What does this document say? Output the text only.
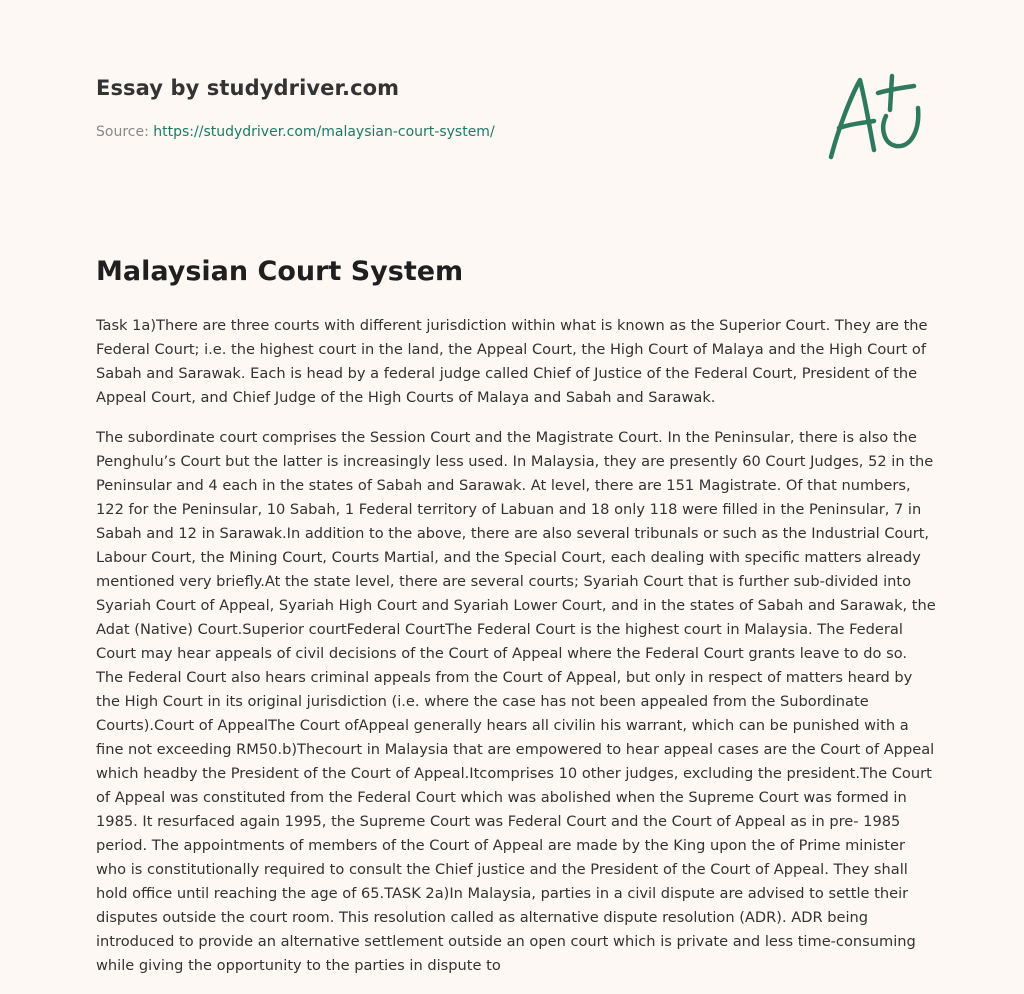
Essay by studydriver.com
Source: https://studydriver.com/malaysian-court-system/
Malaysian Court System

Task 1a)There are three courts with different jurisdiction within what is known as the Superior Court. They are the Federal Court; i.e. the highest court in the land, the Appeal Court, the High Court of Malaya and the High Court of Sabah and Sarawak. Each is head by a federal judge called Chief of Justice of the Federal Court, President of the Appeal Court, and Chief Judge of the High Courts of Malaya and Sabah and Sarawak.

The subordinate court comprises the Session Court and the Magistrate Court. In the Peninsular, there is also the Penghulu’s Court but the latter is increasingly less used. In Malaysia, they are presently 60 Court Judges, 52 in the Peninsular and 4 each in the states of Sabah and Sarawak. At level, there are 151 Magistrate. Of that numbers, 122 for the Peninsular, 10 Sabah, 1 Federal territory of Labuan and 18 only 118 were filled in the Peninsular, 7 in Sabah and 12 in Sarawak.In addition to the above, there are also several tribunals or such as the Industrial Court, Labour Court, the Mining Court, Courts Martial, and the Special Court, each dealing with specific matters already mentioned very briefly.At the state level, there are several courts; Syariah Court that is further sub-divided into Syariah Court of Appeal, Syariah High Court and Syariah Lower Court, and in the states of Sabah and Sarawak, the Adat (Native) Court.Superior courtFederal CourtThe Federal Court is the highest court in Malaysia. The Federal Court may hear appeals of civil decisions of the Court of Appeal where the Federal Court grants leave to do so. The Federal Court also hears criminal appeals from the Court of Appeal, but only in respect of matters heard by the High Court in its original jurisdiction (i.e. where the case has not been appealed from the Subordinate Courts).Court of AppealThe Court ofAppeal generally hears all civilin his warrant, which can be punished with a fine not exceeding RM50.b)Thecourt in Malaysia that are empowered to hear appeal cases are the Court of Appeal which headby the President of the Court of Appeal.Itcomprises 10 other judges, excluding the president.The Court of Appeal was constituted from the Federal Court which was abolished when the Supreme Court was formed in 1985. It resurfaced again 1995, the Supreme Court was Federal Court and the Court of Appeal as in pre- 1985 period. The appointments of members of the Court of Appeal are made by the King upon the of Prime minister who is constitutionally required to consult the Chief justice and the President of the Court of Appeal. They shall hold office until reaching the age of 65.TASK 2a)In Malaysia, parties in a civil dispute are advised to settle their disputes outside the court room. This resolution called as alternative dispute resolution (ADR). ADR being introduced to provide an alternative settlement outside an open court which is private and less time-consuming while giving the opportunity to the parties in dispute to
